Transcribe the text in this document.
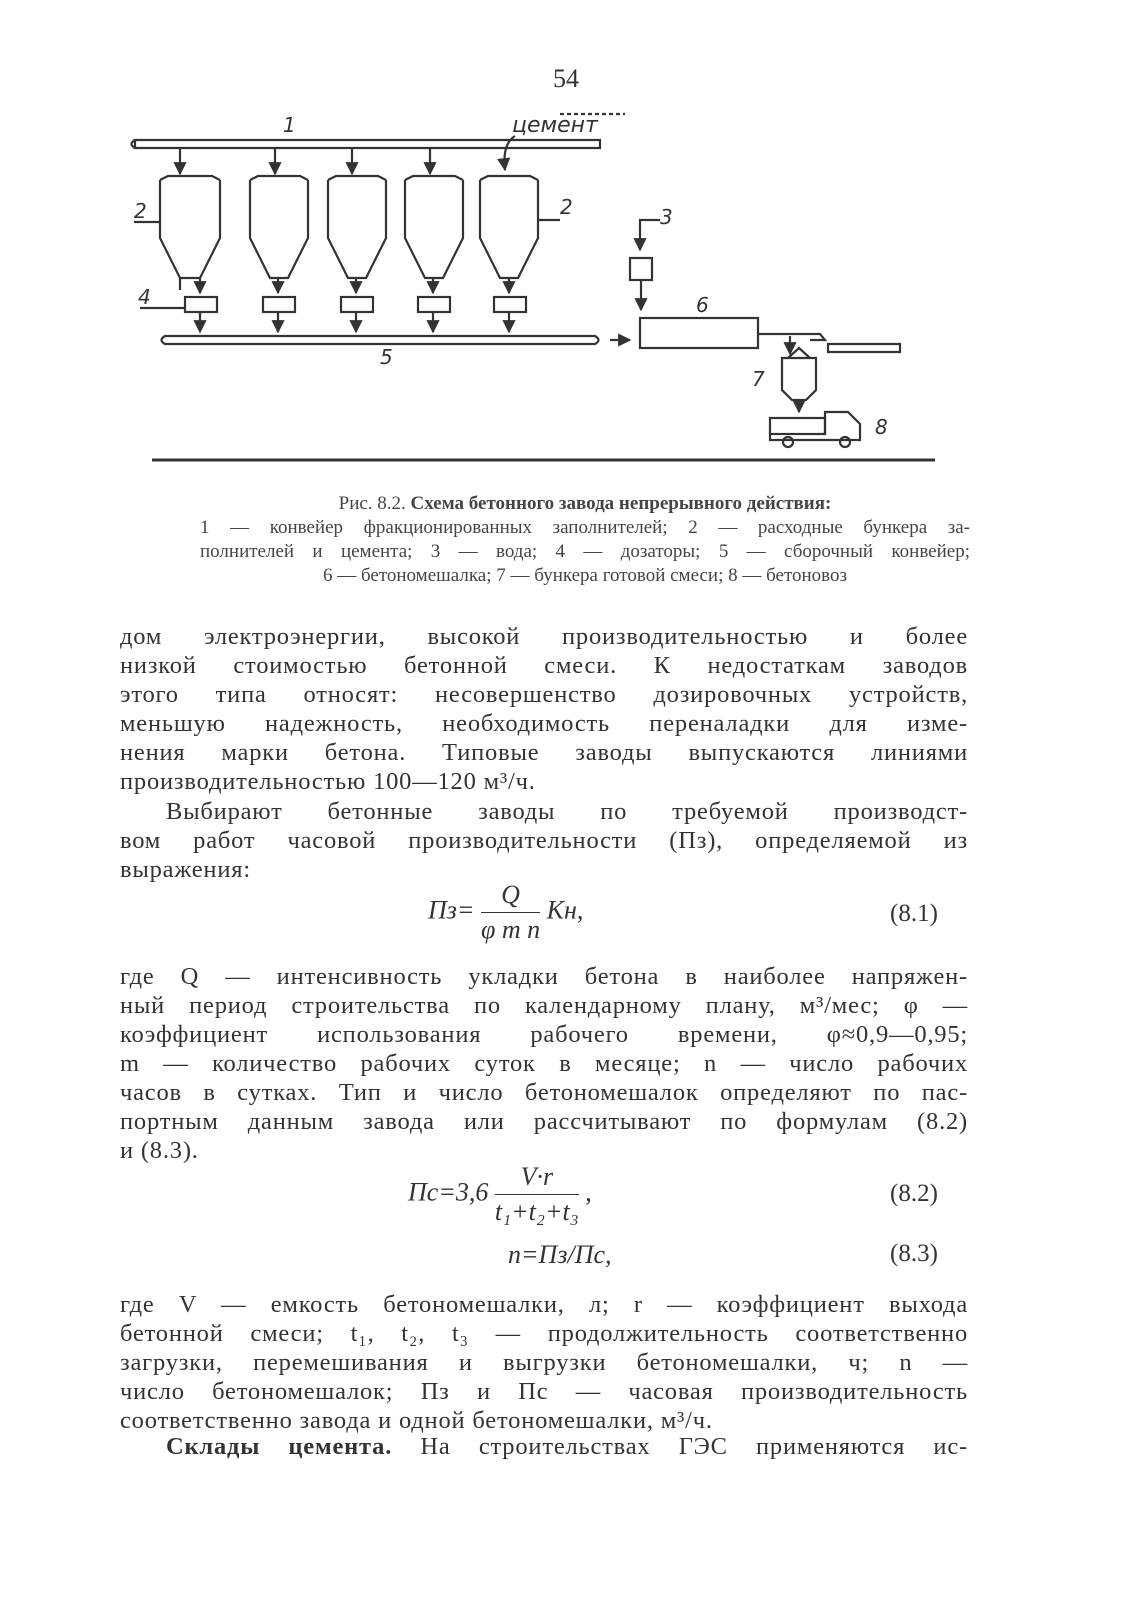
54
1	цемент
2	2	3
4
5
6
7
8
Рис. 8.2. Схема бетонного завода непрерывного действия:
1 — конвейер фракционированных заполнителей; 2 — расходные бункера за-
полнителей и цемента; 3 — вода; 4 — дозаторы; 5 — сборочный конвейер;
6 — бетономешалка; 7 — бункера готовой смеси; 8 — бетоновоз
дом электроэнергии, высокой производительностью и более
низкой стоимостью бетонной смеси. К недостаткам заводов
этого типа относят: несовершенство дозировочных устройств,
меньшую надежность, необходимость переналадки для изме-
нения марки бетона. Типовые заводы выпускаются линиями
производительностью 100—120 м³/ч.
Выбирают бетонные заводы по требуемой производст-
вом работ часовой производительности (Пз), определяемой из
выражения:
$Пз= \frac{Q}{\text{φ m n}}$ Kн,	(8.1)
где Q — интенсивность укладки бетона в наиболее напряжен-
ный период строительства по календарному плану, м³/мес; φ —
коэффициент использования рабочего времени, φ≈0,9—0,95;
m — количество рабочих суток в месяце; n — число рабочих
часов в сутках. Тип и число бетономешалок определяют по пас-
портным данным завода или рассчитывают по формулам (8.2)
и (8.3).
$Пс=3,6 \frac{V\cdot r}{\text{t₁+t₂+t₃}}$ ,	(8.2)
n=Пз/Пс,	(8.3)
где V — емкость бетономешалки, л; r — коэффициент выхода
бетонной смеси; t₁, t₂, t₃ — продолжительность соответственно
загрузки, перемешивания и выгрузки бетономешалки, ч; n —
число бетономешалок; Пз и Пс — часовая производительность
соответственно завода и одной бетономешалки, м³/ч.
Склады цемента. На строительствах ГЭС применяются ис-
